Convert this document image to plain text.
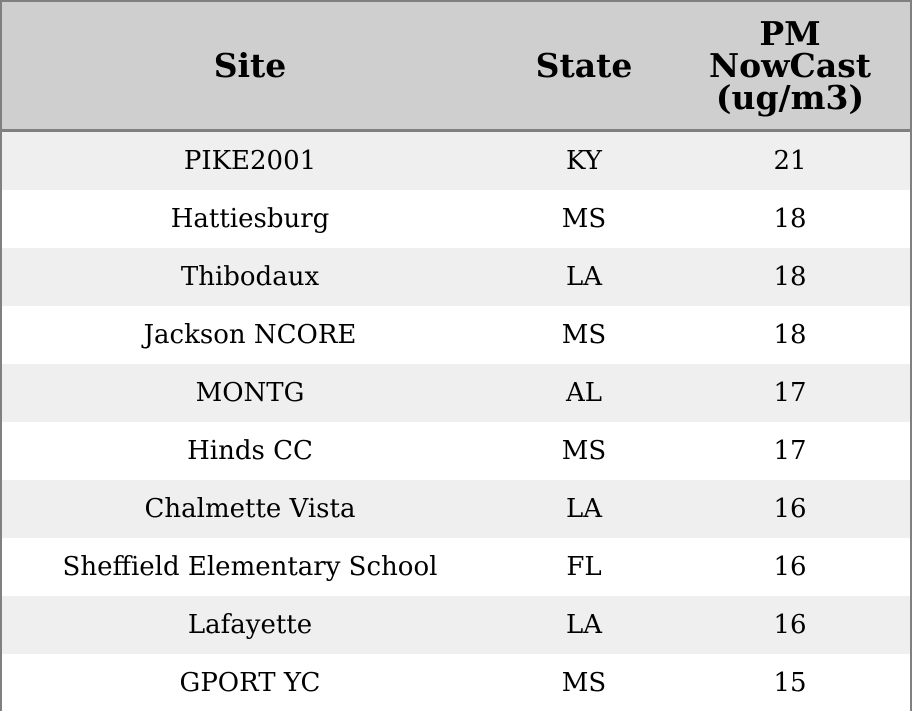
Site	State	PM
NowCast
(ug/m3)
PIKE2001	KY	21
Hattiesburg	MS	18
Thibodaux	LA	18
Jackson NCORE	MS	18
MONTG	AL	17
Hinds CC	MS	17
Chalmette Vista	LA	16
Sheffield Elementary School	FL	16
Lafayette	LA	16
GPORT YC	MS	15
